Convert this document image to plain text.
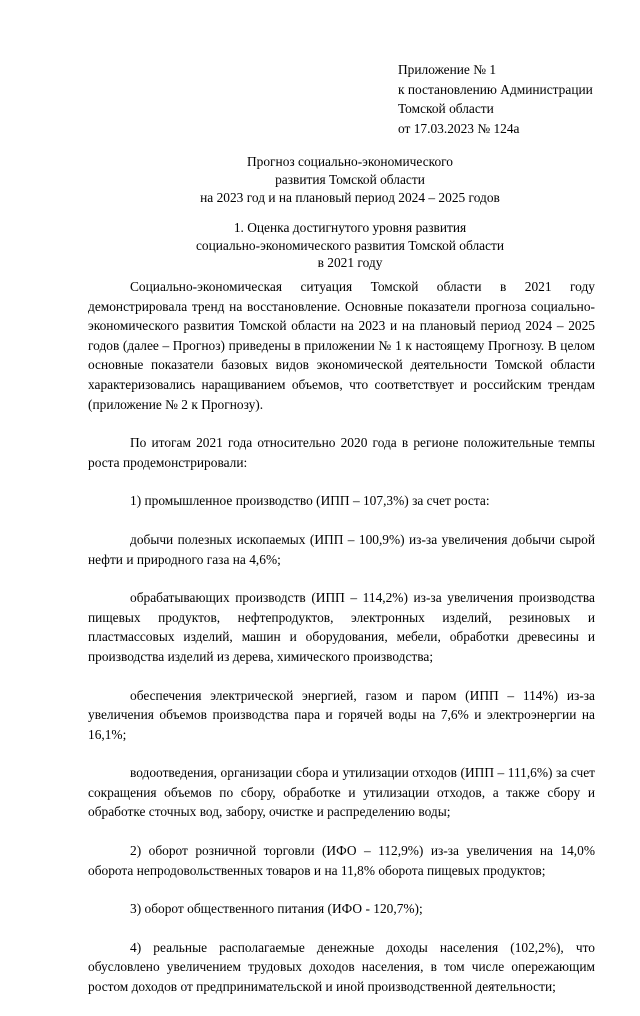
Приложение № 1
к постановлению Администрации
Томской области
от 17.03.2023 № 124а
Прогноз социально-экономического
развития Томской области
на 2023 год и на плановый период 2024 – 2025 годов
1. Оценка достигнутого уровня развития
социально-экономического развития Томской области
в 2021 году

Социально-экономическая ситуация Томской области в 2021 году демонстрировала тренд на восстановление. Основные показатели прогноза социально-экономического развития Томской области на 2023 и на плановый период 2024 – 2025 годов (далее – Прогноз) приведены в приложении № 1 к настоящему Прогнозу. В целом основные показатели базовых видов экономической деятельности Томской области характеризовались наращиванием объемов, что соответствует и российским трендам (приложение № 2 к Прогнозу).

По итогам 2021 года относительно 2020 года в регионе положительные темпы роста продемонстрировали:

1) промышленное производство (ИПП – 107,3%) за счет роста:

добычи полезных ископаемых (ИПП – 100,9%) из-за увеличения добычи сырой нефти и природного газа на 4,6%;

обрабатывающих производств (ИПП – 114,2%) из-за увеличения производства пищевых продуктов, нефтепродуктов, электронных изделий, резиновых и пластмассовых изделий, машин и оборудования, мебели, обработки древесины и производства изделий из дерева, химического производства;

обеспечения электрической энергией, газом и паром (ИПП – 114%) из-за увеличения объемов производства пара и горячей воды на 7,6% и электроэнергии на 16,1%;

водоотведения, организации сбора и утилизации отходов (ИПП – 111,6%) за счет сокращения объемов по сбору, обработке и утилизации отходов, а также сбору и обработке сточных вод, забору, очистке и распределению воды;

2) оборот розничной торговли (ИФО – 112,9%) из-за увеличения на 14,0% оборота непродовольственных товаров и на 11,8% оборота пищевых продуктов;

3) оборот общественного питания (ИФО - 120,7%);

4) реальные располагаемые денежные доходы населения (102,2%), что обусловлено увеличением трудовых доходов населения, в том числе опережающим ростом доходов от предпринимательской и иной производственной деятельности;
